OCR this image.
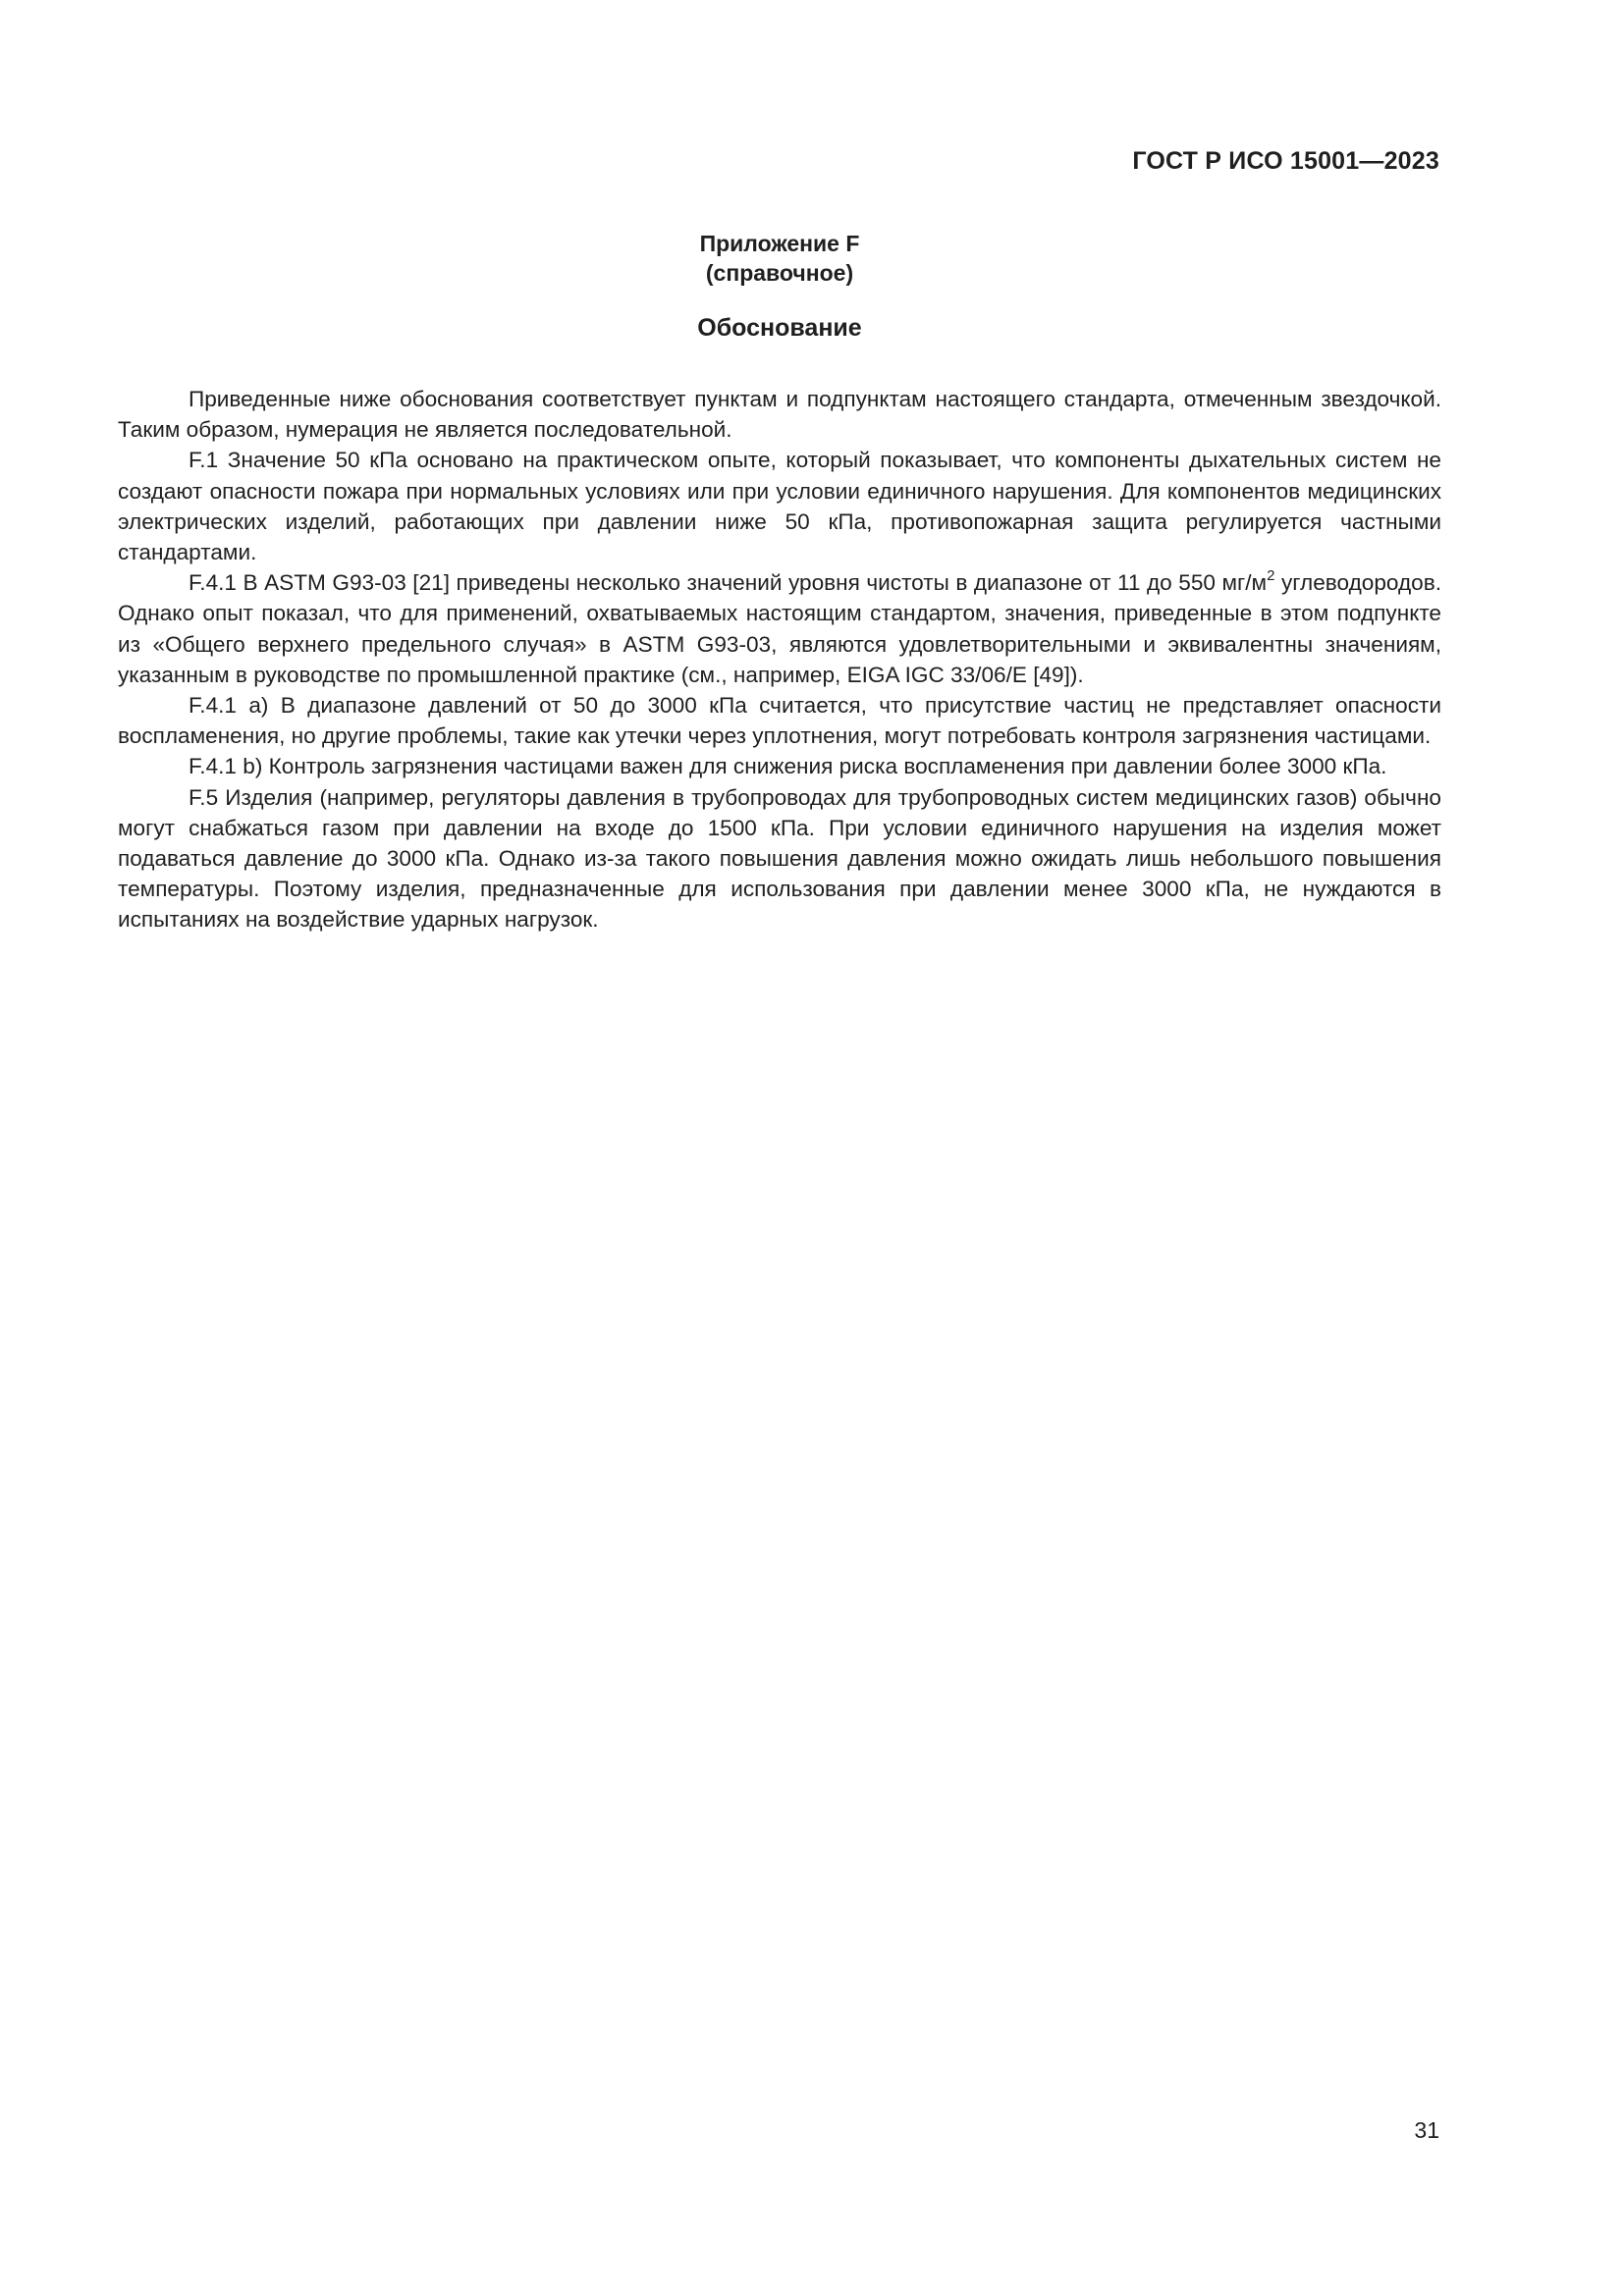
ГОСТ Р ИСО 15001—2023
Приложение F
(справочное)
Обоснование

Приведенные ниже обоснования соответствует пунктам и подпунктам настоящего стандарта, отмеченным звездочкой. Таким образом, нумерация не является последовательной.

F.1 Значение 50 кПа основано на практическом опыте, который показывает, что компоненты дыхательных систем не создают опасности пожара при нормальных условиях или при условии единичного нарушения. Для компонентов медицинских электрических изделий, работающих при давлении ниже 50 кПа, противопожарная защита регулируется частными стандартами.

F.4.1 В ASTM G93-03 [21] приведены несколько значений уровня чистоты в диапазоне от 11 до 550 $мг/м^2$ углеводородов. Однако опыт показал, что для применений, охватываемых настоящим стандартом, значения, приведенные в этом подпункте из «Общего верхнего предельного случая» в ASTM G93-03, являются удовлетворительными и эквивалентны значениям, указанным в руководстве по промышленной практике (см., например, EIGA IGC 33/06/E [49]).

F.4.1 a) В диапазоне давлений от 50 до 3000 кПа считается, что присутствие частиц не представляет опасности воспламенения, но другие проблемы, такие как утечки через уплотнения, могут потребовать контроля загрязнения частицами.

F.4.1 b) Контроль загрязнения частицами важен для снижения риска воспламенения при давлении более 3000 кПа.

F.5 Изделия (например, регуляторы давления в трубопроводах для трубопроводных систем медицинских газов) обычно могут снабжаться газом при давлении на входе до 1500 кПа. При условии единичного нарушения на изделия может подаваться давление до 3000 кПа. Однако из-за такого повышения давления можно ожидать лишь небольшого повышения температуры. Поэтому изделия, предназначенные для использования при давлении менее 3000 кПа, не нуждаются в испытаниях на воздействие ударных нагрузок.

31
